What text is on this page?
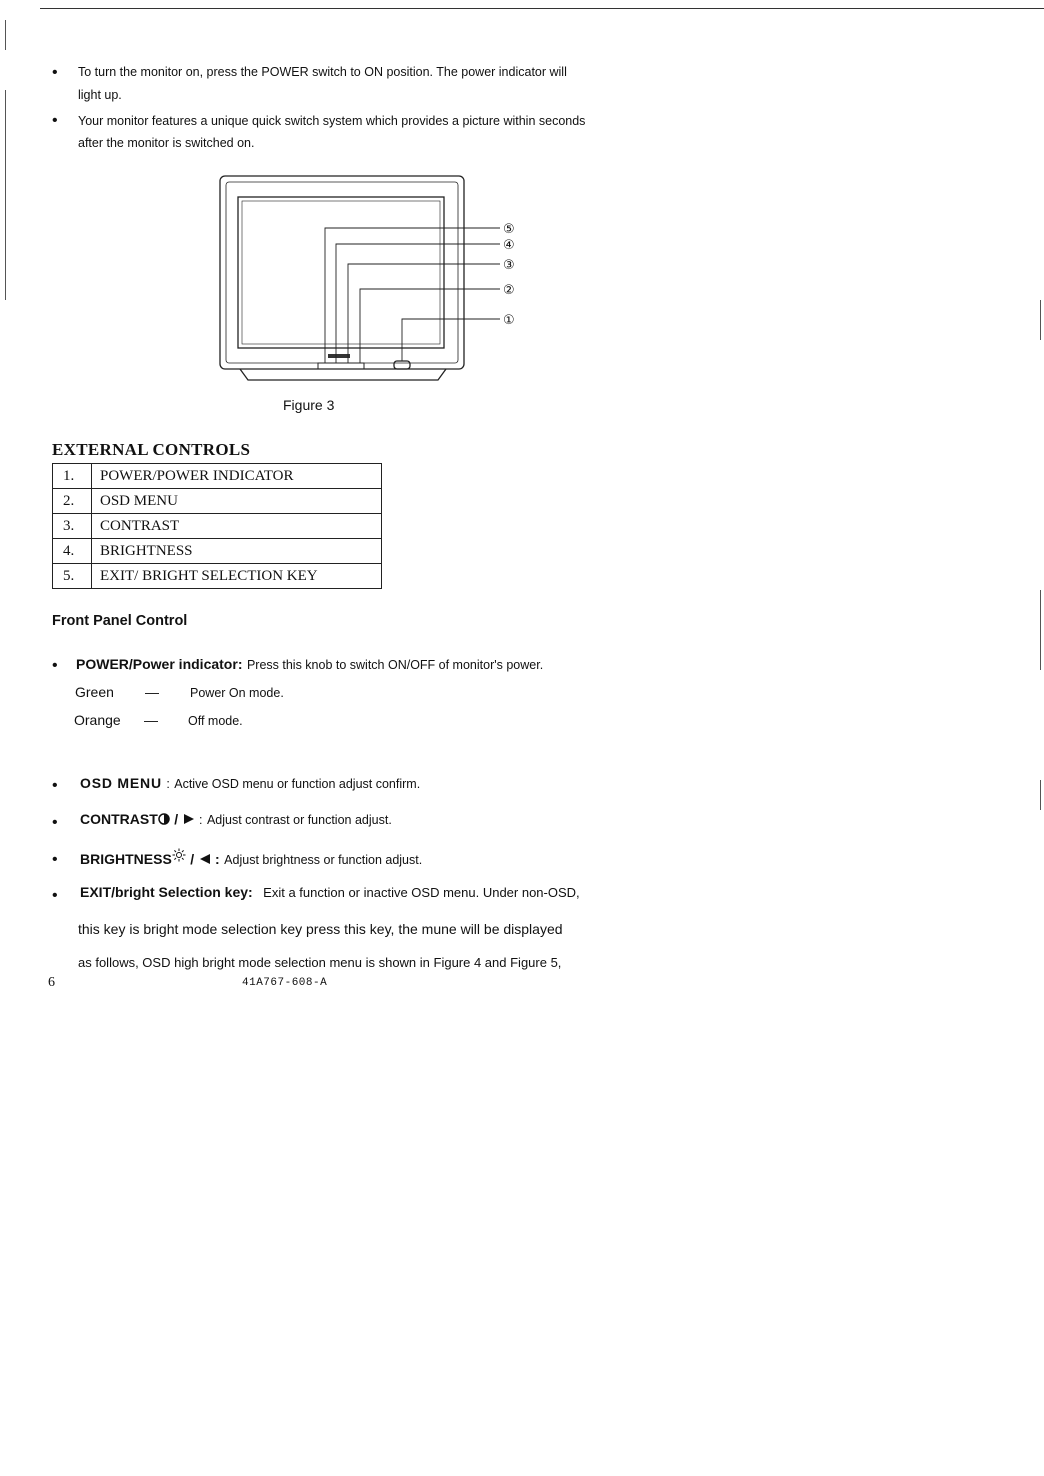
• To turn the monitor on, press the POWER switch to ON position. The power indicator will
light up.
• Your monitor features a unique quick switch system which provides a picture within seconds
after the monitor is switched on.
⑤
④
③
②
①
Figure 3
EXTERNAL CONTROLS
1.	POWER/POWER INDICATOR
2.	OSD MENU
3.	CONTRAST
4.	BRIGHTNESS
5.	EXIT/ BRIGHT SELECTION KEY
Front Panel Control
• POWER/Power indicator: Press this knob to switch ON/OFF of monitor's power.
Green — Power On mode.
Orange — Off mode.
• OSD MENU : Active OSD menu or function adjust confirm.
• CONTRAST / : Adjust contrast or function adjust.
• BRIGHTNESS / : Adjust brightness or function adjust.
• EXIT/bright Selection key: Exit a function or inactive OSD menu. Under non-OSD,
this key is bright mode selection key press this key, the mune will be displayed
as follows, OSD high bright mode selection menu is shown in Figure 4 and Figure 5,
6	41A767-608-A
